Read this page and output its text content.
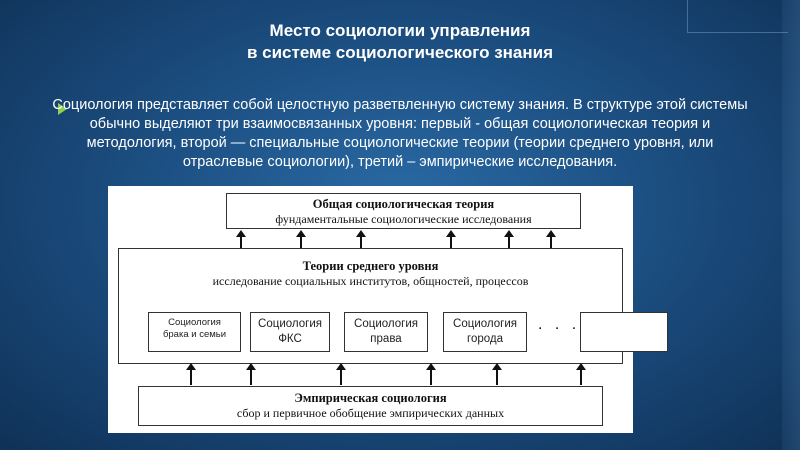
Место социологии управления
в системе социологического знания
Социология представляет собой целостную разветвленную систему знания. В структуре этой системы обычно выделяют три взаимосвязанных уровня: первый - общая социологическая теория и методология, второй — специальные социологические теории (теории среднего уровня, или отраслевые социологии), третий – эмпирические исследования.
Общая социологическая теория
фундаментальные социологические исследования
Теории среднего уровня
исследование социальных институтов, общностей, процессов
Социология
брака и семьи
Социология
ФКС
Социология
права
Социология
города
. . .
Эмпирическая социология
сбор и первичное обобщение эмпирических данных
